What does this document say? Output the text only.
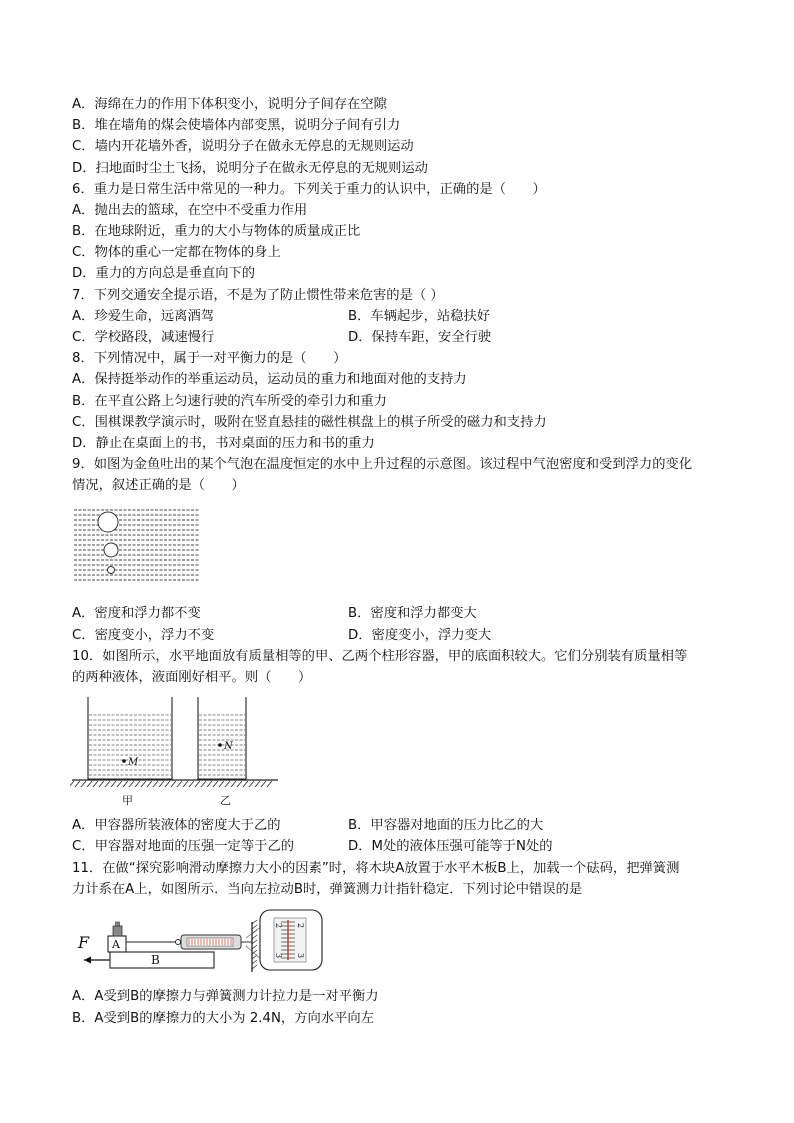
A．海绵在力的作用下体积变小，说明分子间存在空隙
B．堆在墙角的煤会使墙体内部变黑，说明分子间有引力
C．墙内开花墙外香，说明分子在做永无停息的无规则运动
D．扫地面时尘土飞扬，说明分子在做永无停息的无规则运动
6．重力是日常生活中常见的一种力。下列关于重力的认识中，正确的是（　　）
A．抛出去的篮球，在空中不受重力作用
B．在地球附近，重力的大小与物体的质量成正比
C．物体的重心一定都在物体的身上
D．重力的方向总是垂直向下的
7．下列交通安全提示语，不是为了防止惯性带来危害的是（ ）
A．珍爱生命，远离酒驾	B．车辆起步，站稳扶好
C．学校路段，减速慢行	D．保持车距，安全行驶
8．下列情况中，属于一对平衡力的是（　　）
A．保持挺举动作的举重运动员，运动员的重力和地面对他的支持力
B．在平直公路上匀速行驶的汽车所受的牵引力和重力
C．围棋课教学演示时，吸附在竖直悬挂的磁性棋盘上的棋子所受的磁力和支持力
D．静止在桌面上的书，书对桌面的压力和书的重力
9．如图为金鱼吐出的某个气泡在温度恒定的水中上升过程的示意图。该过程中气泡密度和受到浮力的变化
情况，叙述正确的是（　　）
A．密度和浮力都不变	B．密度和浮力都变大
C．密度变小，浮力不变	D．密度变小，浮力变大
10．如图所示，水平地面放有质量相等的甲、乙两个柱形容器，甲的底面积较大。它们分别装有质量相等
的两种液体，液面刚好相平。则（　　）
M
N
甲	乙
A．甲容器所装液体的密度大于乙的	B．甲容器对地面的压力比乙的大
C．甲容器对地面的压强一定等于乙的	D．M处的液体压强可能等于N处的
11．在做“探究影响滑动摩擦力大小的因素”时，将木块A放置于水平木板B上，加载一个砝码，把弹簧测
力计系在A上，如图所示．当向左拉动B时，弹簧测力计指针稳定．下列讨论中错误的是
F
B
A
2
3
2
3
A．A受到B的摩擦力与弹簧测力计拉力是一对平衡力
B．A受到B的摩擦力的大小为 2.4N，方向水平向左
